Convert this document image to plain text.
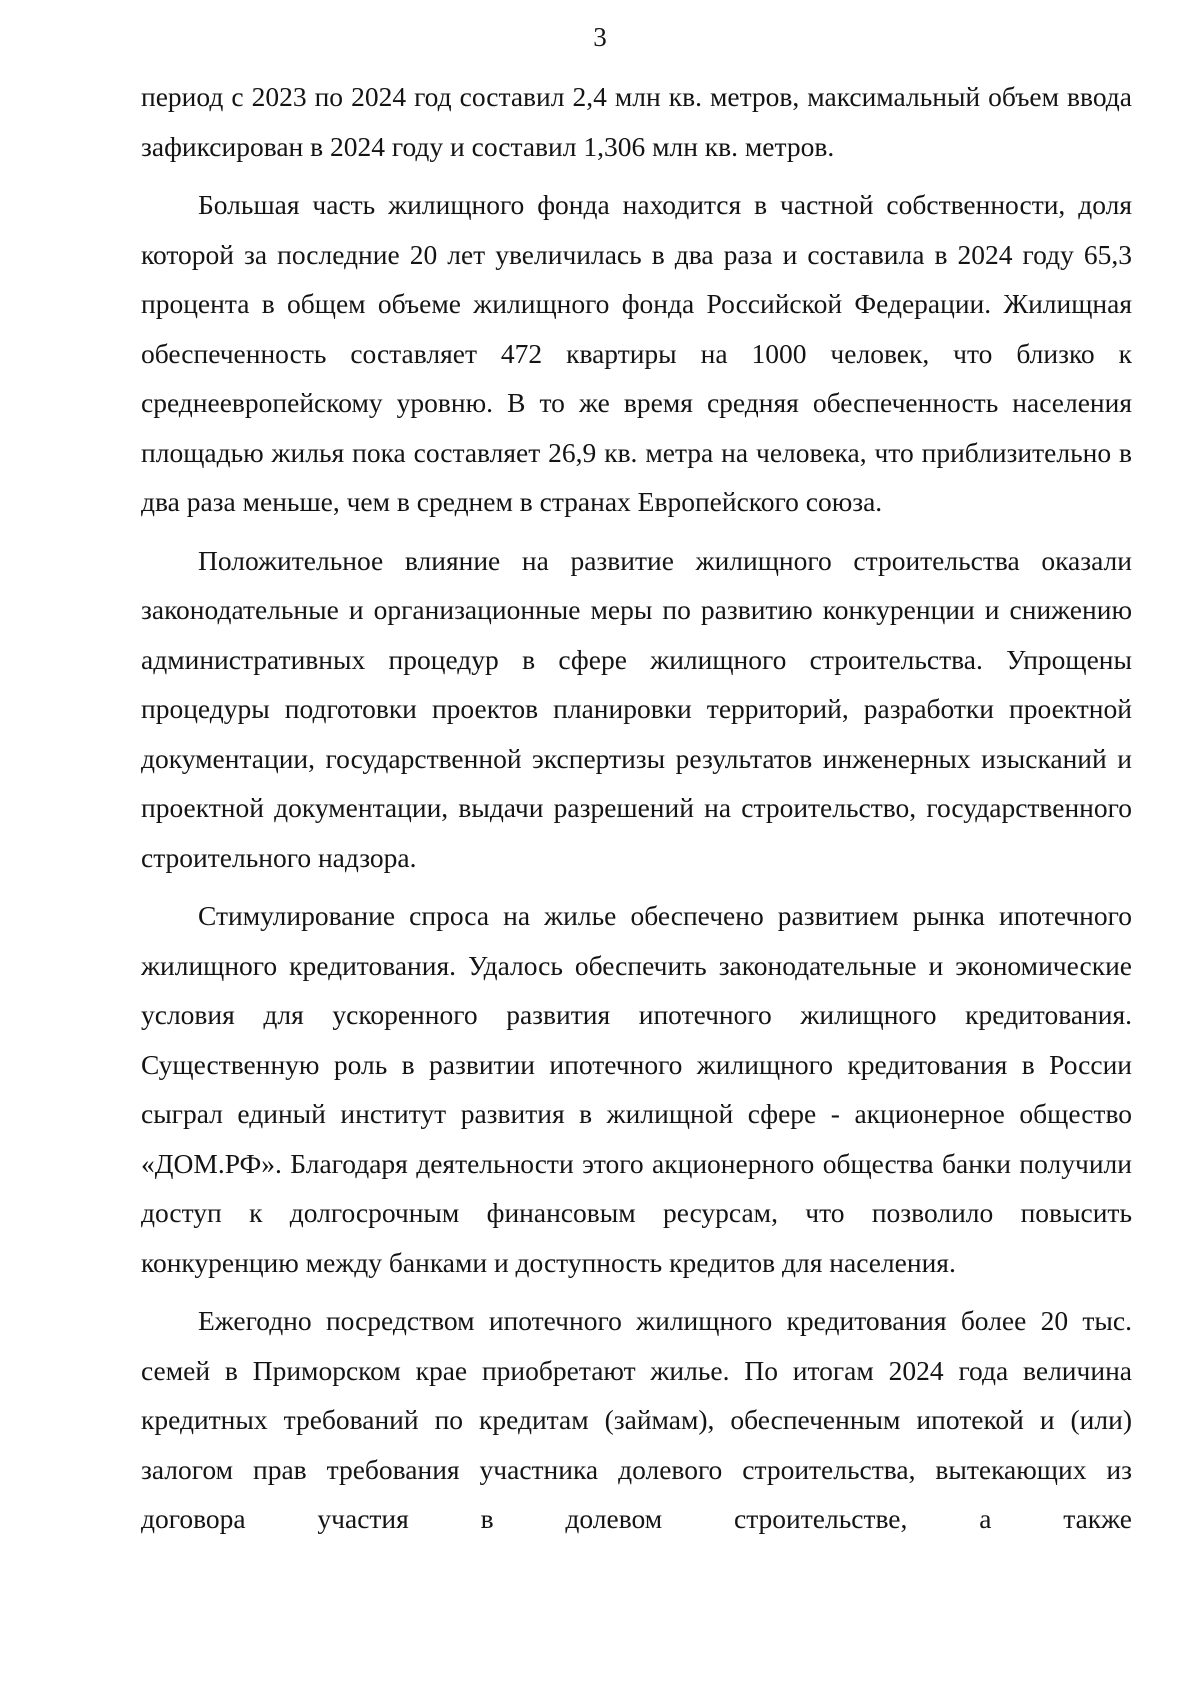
3

период с 2023 по 2024 год составил 2,4 млн кв. метров, максимальный объем ввода зафиксирован в 2024 году и составил 1,306 млн кв. метров.

Большая часть жилищного фонда находится в частной собственности, доля которой за последние 20 лет увеличилась в два раза и составила в 2024 году 65,3 процента в общем объеме жилищного фонда Российской Федерации. Жилищная обеспеченность составляет 472 квартиры на 1000 человек, что близко к среднеевропейскому уровню. В то же время средняя обеспеченность населения площадью жилья пока составляет 26,9 кв. метра на человека, что приблизительно в два раза меньше, чем в среднем в странах Европейского союза.

Положительное влияние на развитие жилищного строительства оказали законодательные и организационные меры по развитию конкуренции и снижению административных процедур в сфере жилищного строительства. Упрощены процедуры подготовки проектов планировки территорий, разработки проектной документации, государственной экспертизы результатов инженерных изысканий и проектной документации, выдачи разрешений на строительство, государственного строительного надзора.

Стимулирование спроса на жилье обеспечено развитием рынка ипотечного жилищного кредитования. Удалось обеспечить законодательные и экономические условия для ускоренного развития ипотечного жилищного кредитования. Существенную роль в развитии ипотечного жилищного кредитования в России сыграл единый институт развития в жилищной сфере - акционерное общество «ДОМ.РФ». Благодаря деятельности этого акционерного общества банки получили доступ к долгосрочным финансовым ресурсам, что позволило повысить конкуренцию между банками и доступность кредитов для населения.

Ежегодно посредством ипотечного жилищного кредитования более 20 тыс. семей в Приморском крае приобретают жилье. По итогам 2024 года величина кредитных требований по кредитам (займам), обеспеченным ипотекой и (или) залогом прав требования участника долевого строительства, вытекающих из договора участия в долевом строительстве, а также
